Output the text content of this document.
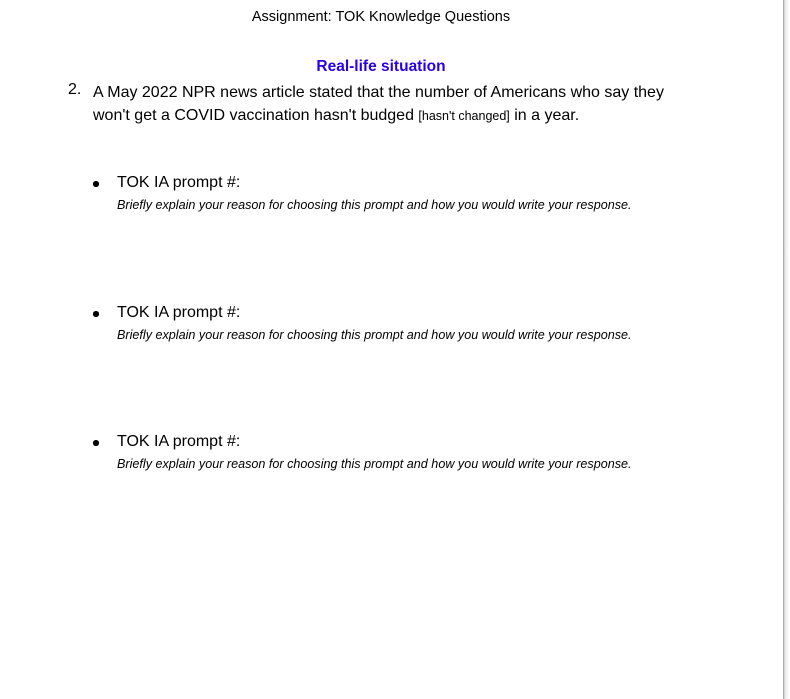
Assignment: TOK Knowledge Questions
Real-life situation
2. A May 2022 NPR news article stated that the number of Americans who say they won't get a COVID vaccination hasn't budged [hasn't changed] in a year.
TOK IA prompt #:
Briefly explain your reason for choosing this prompt and how you would write your response.
TOK IA prompt #:
Briefly explain your reason for choosing this prompt and how you would write your response.
TOK IA prompt #:
Briefly explain your reason for choosing this prompt and how you would write your response.
